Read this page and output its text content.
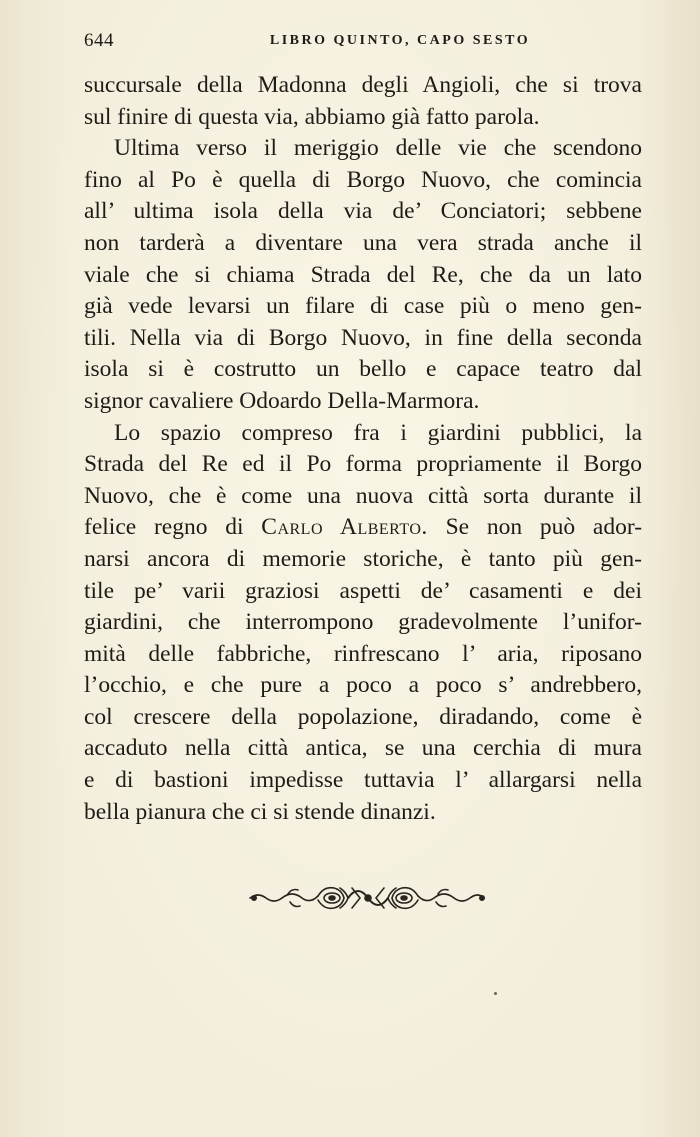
644	LIBRO QUINTO, CAPO SESTO
succursale della Madonna degli Angioli, che si trova
sul finire di questa via, abbiamo già fatto parola.
Ultima verso il meriggio delle vie che scendono
fino al Po è quella di Borgo Nuovo, che comincia
all’ ultima isola della via de’ Conciatori; sebbene
non tarderà a diventare una vera strada anche il
viale che si chiama Strada del Re, che da un lato
già vede levarsi un filare di case più o meno gen-
tili. Nella via di Borgo Nuovo, in fine della seconda
isola si è costrutto un bello e capace teatro dal
signor cavaliere Odoardo Della-Marmora.
Lo spazio compreso fra i giardini pubblici, la
Strada del Re ed il Po forma propriamente il Borgo
Nuovo, che è come una nuova città sorta durante il
felice regno di Carlo Alberto. Se non può ador-
narsi ancora di memorie storiche, è tanto più gen-
tile pe’ varii graziosi aspetti de’ casamenti e dei
giardini, che interrompono gradevolmente l’unifor-
mità delle fabbriche, rinfrescano l’ aria, riposano
l’occhio, e che pure a poco a poco s’ andrebbero,
col crescere della popolazione, diradando, come è
accaduto nella città antica, se una cerchia di mura
e di bastioni impedisse tuttavia l’ allargarsi nella
bella pianura che ci si stende dinanzi.
